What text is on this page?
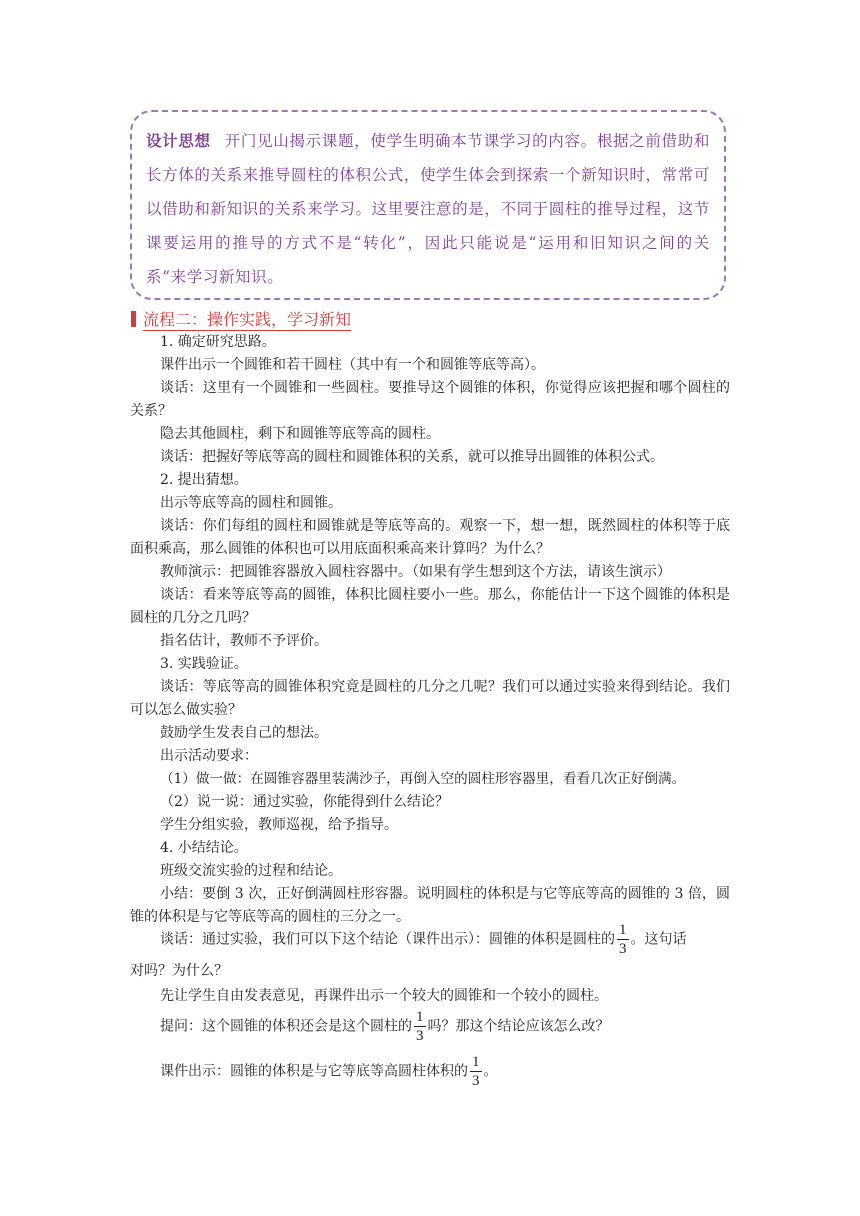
设计思想 开门见山揭示课题，使学生明确本节课学习的内容。根据之前借助和长方体的关系来推导圆柱的体积公式，使学生体会到探索一个新知识时，常常可以借助和新知识的关系来学习。这里要注意的是，不同于圆柱的推导过程，这节课要运用的推导的方式不是“转化”，因此只能说是“运用和旧知识之间的关系”来学习新知识。
流程二：操作实践，学习新知

1. 确定研究思路。

课件出示一个圆锥和若干圆柱（其中有一个和圆锥等底等高）。

谈话：这里有一个圆锥和一些圆柱。要推导这个圆锥的体积，你觉得应该把握和哪个圆柱的关系？

隐去其他圆柱，剩下和圆锥等底等高的圆柱。

谈话：把握好等底等高的圆柱和圆锥体积的关系，就可以推导出圆锥的体积公式。

2. 提出猜想。

出示等底等高的圆柱和圆锥。

谈话：你们每组的圆柱和圆锥就是等底等高的。观察一下，想一想，既然圆柱的体积等于底面积乘高，那么圆锥的体积也可以用底面积乘高来计算吗？为什么？

教师演示：把圆锥容器放入圆柱容器中。（如果有学生想到这个方法，请该生演示）

谈话：看来等底等高的圆锥，体积比圆柱要小一些。那么，你能估计一下这个圆锥的体积是圆柱的几分之几吗？

指名估计，教师不予评价。

3. 实践验证。

谈话：等底等高的圆锥体积究竟是圆柱的几分之几呢？我们可以通过实验来得到结论。我们可以怎么做实验？

鼓励学生发表自己的想法。

出示活动要求：

（1）做一做：在圆锥容器里装满沙子，再倒入空的圆柱形容器里，看看几次正好倒满。

（2）说一说：通过实验，你能得到什么结论？

学生分组实验，教师巡视，给予指导。

4. 小结结论。

班级交流实验的过程和结论。

小结：要倒 3 次，正好倒满圆柱形容器。说明圆柱的体积是与它等底等高的圆锥的 3 倍，圆锥的体积是与它等底等高的圆柱的三分之一。

谈话：通过实验，我们可以下这个结论（课件出示）：圆锥的体积是圆柱的 $\frac{1}{3}$ 。这句话

对吗？为什么？

先让学生自由发表意见，再课件出示一个较大的圆锥和一个较小的圆柱。

提问：这个圆锥的体积还会是这个圆柱的 $\frac{1}{3}$ 吗？那这个结论应该怎么改？

课件出示：圆锥的体积是与它等底等高圆柱体积的 $\frac{1}{3}$ 。
